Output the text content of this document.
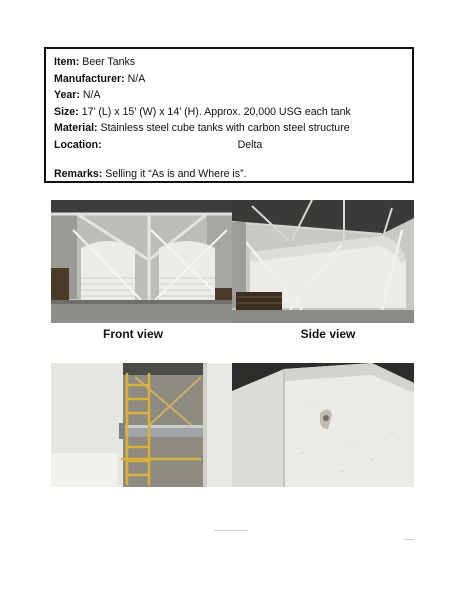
Item: Beer Tanks
Manufacturer: N/A
Year: N/A
Size: 17’ (L) x 15’ (W) x 14’ (H). Approx. 20,000 USG each tank
Material: Stainless steel cube tanks with carbon steel structure
Location:	Delta
Remarks: Selling it “As is and Where is”.
Front view	Side view
